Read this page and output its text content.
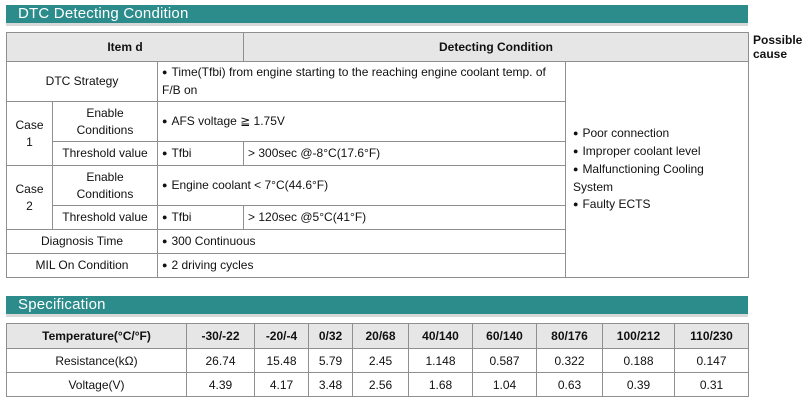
DTC Detecting Condition
Item d			Detecting Condition		Possible cause
DTC Strategy		● Time(Tfbi) from engine starting to the reaching engine coolant temp. of F/B on		● Poor connection
● Improper coolant level
● Malfunctioning Cooling System
● Faulty ECTS

Case 1	Enable Conditions	● AFS voltage ≧ 1.75V
	Threshold value	● Tfbi	> 300sec @-8°C(17.6°F)		
Case 2	Enable Conditions	● Engine coolant < 7°C(44.6°F)
	Threshold value	● Tfbi	> 120sec @5°C(41°F)		
Diagnosis Time		● 300 Continuous
MIL On Condition		● 2 driving cycles
Specification
Temperature(°C/°F)	-30/-22	-20/-4	0/32	20/68	40/140	60/140	80/176	100/212	110/230
Resistance(kΩ)	26.74	15.48	5.79	2.45	1.148	0.587	0.322	0.188	0.147
Voltage(V)	4.39	4.17	3.48	2.56	1.68	1.04	0.63	0.39	0.31
